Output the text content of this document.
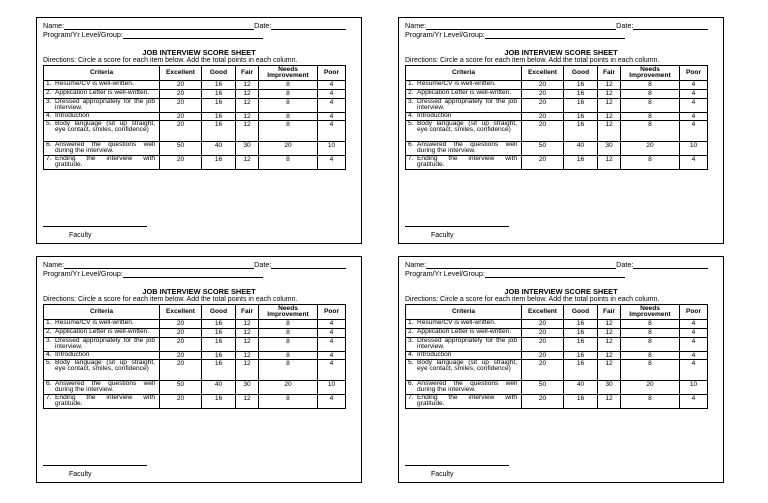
Name:	Date:
Program/Yr Level/Group:
JOB INTERVIEW SCORE SHEET
Directions: Circle a score for each item below. Add the total points in each column.
Criteria	Excellent	Good	Fair	Needs Improvement	Poor
1. Resume/CV is well-written.	20	16	12	8	4
2. Application Letter is well-written.	20	16	12	8	4
3. Dressed appropriately for the job interview.	20	16	12	8	4
4. Introduction	20	16	12	8	4
5. Body language (sit up straight, eye contact, smiles, confidence)	20	16	12	8	4
6. Answered the questions well during the interview.	50	40	30	20	10
7. Ending the interview with gratitude.	20	16	12	8	4
Faculty
Name:	Date:
Program/Yr Level/Group:
JOB INTERVIEW SCORE SHEET
Directions: Circle a score for each item below. Add the total points in each column.
Criteria	Excellent	Good	Fair	Needs Improvement	Poor
1. Resume/CV is well-written.	20	16	12	8	4
2. Application Letter is well-written.	20	16	12	8	4
3. Dressed appropriately for the job interview.	20	16	12	8	4
4. Introduction	20	16	12	8	4
5. Body language (sit up straight, eye contact, smiles, confidence)	20	16	12	8	4
6. Answered the questions well during the interview.	50	40	30	20	10
7. Ending the interview with gratitude.	20	16	12	8	4
Faculty
Name:	Date:
Program/Yr Level/Group:
JOB INTERVIEW SCORE SHEET
Directions: Circle a score for each item below. Add the total points in each column.
Criteria	Excellent	Good	Fair	Needs Improvement	Poor
1. Resume/CV is well-written.	20	16	12	8	4
2. Application Letter is well-written.	20	16	12	8	4
3. Dressed appropriately for the job interview.	20	16	12	8	4
4. Introduction	20	16	12	8	4
5. Body language (sit up straight, eye contact, smiles, confidence)	20	16	12	8	4
6. Answered the questions well during the interview.	50	40	30	20	10
7. Ending the interview with gratitude.	20	16	12	8	4
Faculty
Name:	Date:
Program/Yr Level/Group:
JOB INTERVIEW SCORE SHEET
Directions: Circle a score for each item below. Add the total points in each column.
Criteria	Excellent	Good	Fair	Needs Improvement	Poor
1. Resume/CV is well-written.	20	16	12	8	4
2. Application Letter is well-written.	20	16	12	8	4
3. Dressed appropriately for the job interview.	20	16	12	8	4
4. Introduction	20	16	12	8	4
5. Body language (sit up straight, eye contact, smiles, confidence)	20	16	12	8	4
6. Answered the questions well during the interview.	50	40	30	20	10
7. Ending the interview with gratitude.	20	16	12	8	4
Faculty
